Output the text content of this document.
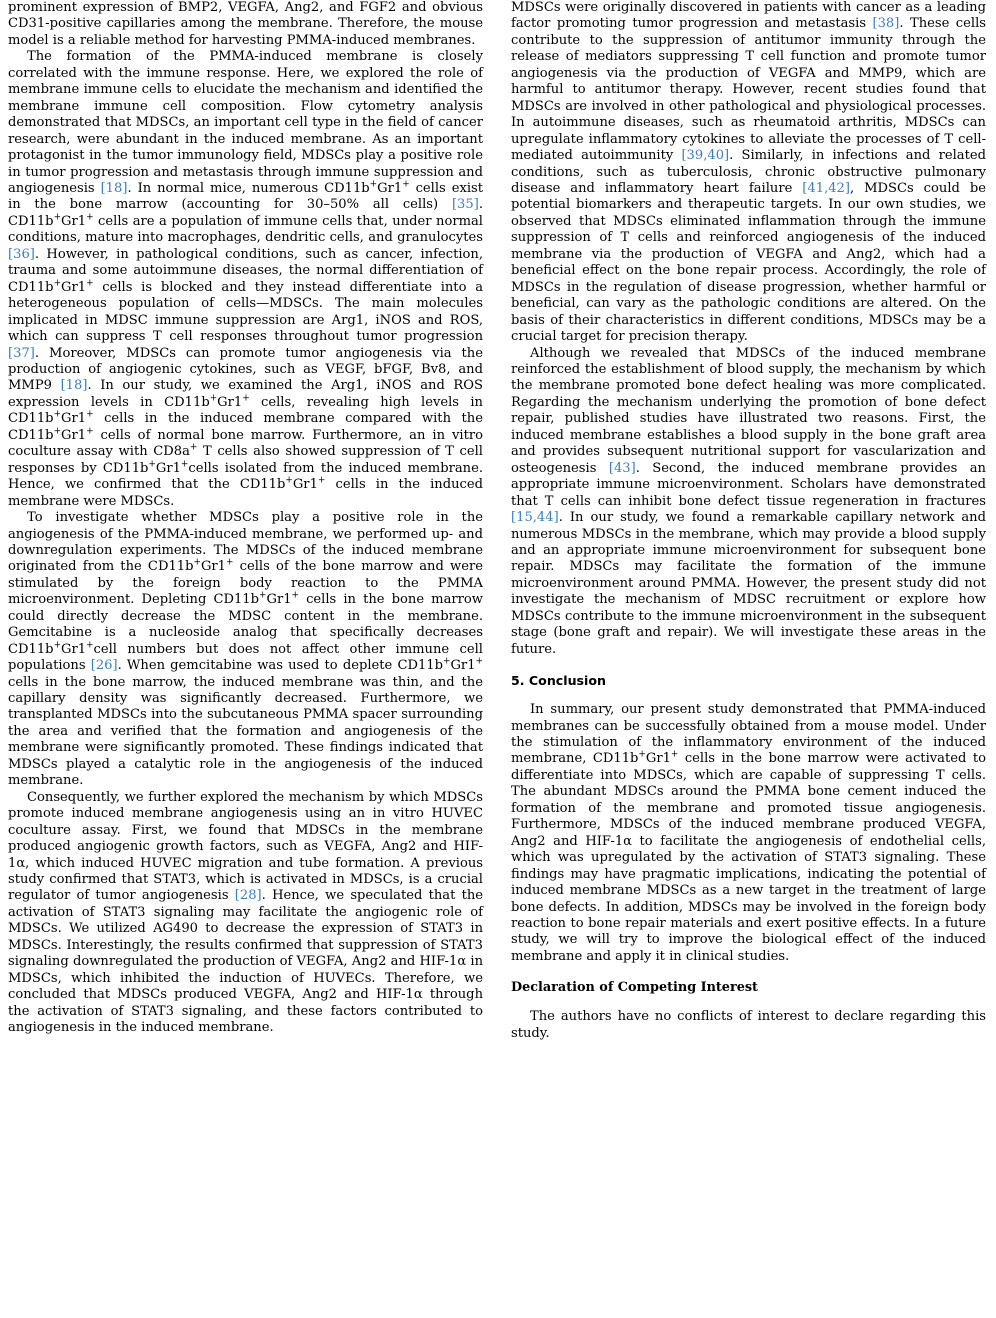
prominent expression of BMP2, VEGFA, Ang2, and FGF2 and obvious CD31-positive capillaries among the membrane. Therefore, the mouse model is a reliable method for harvesting PMMA-induced membranes.

The formation of the PMMA-induced membrane is closely correlated with the immune response. Here, we explored the role of membrane immune cells to elucidate the mechanism and identified the membrane immune cell composition. Flow cytometry analysis demonstrated that MDSCs, an important cell type in the field of cancer research, were abundant in the induced membrane. As an important protagonist in the tumor immunology field, MDSCs play a positive role in tumor progression and metastasis through immune suppression and angiogenesis [18]. In normal mice, numerous CD11b+Gr1+ cells exist in the bone marrow (accounting for 30–50% all cells) [35]. CD11b+Gr1+ cells are a population of immune cells that, under normal conditions, mature into macrophages, dendritic cells, and granulocytes [36]. However, in pathological conditions, such as cancer, infection, trauma and some autoimmune diseases, the normal differentiation of CD11b+Gr1+ cells is blocked and they instead differentiate into a heterogeneous population of cells—MDSCs. The main molecules implicated in MDSC immune suppression are Arg1, iNOS and ROS, which can suppress T cell responses throughout tumor progression [37]. Moreover, MDSCs can promote tumor angiogenesis via the production of angiogenic cytokines, such as VEGF, bFGF, Bv8, and MMP9 [18]. In our study, we examined the Arg1, iNOS and ROS expression levels in CD11b+Gr1+ cells, revealing high levels in CD11b+Gr1+ cells in the induced membrane compared with the CD11b+Gr1+ cells of normal bone marrow. Furthermore, an in vitro coculture assay with CD8a+ T cells also showed suppression of T cell responses by CD11b+Gr1+cells isolated from the induced membrane. Hence, we confirmed that the CD11b+Gr1+ cells in the induced membrane were MDSCs.

To investigate whether MDSCs play a positive role in the angiogenesis of the PMMA-induced membrane, we performed up- and downregulation experiments. The MDSCs of the induced membrane originated from the CD11b+Gr1+ cells of the bone marrow and were stimulated by the foreign body reaction to the PMMA microenvironment. Depleting CD11b+Gr1+ cells in the bone marrow could directly decrease the MDSC content in the membrane. Gemcitabine is a nucleoside analog that specifically decreases CD11b+Gr1+cell numbers but does not affect other immune cell populations [26]. When gemcitabine was used to deplete CD11b+Gr1+ cells in the bone marrow, the induced membrane was thin, and the capillary density was significantly decreased. Furthermore, we transplanted MDSCs into the subcutaneous PMMA spacer surrounding the area and verified that the formation and angiogenesis of the membrane were significantly promoted. These findings indicated that MDSCs played a catalytic role in the angiogenesis of the induced membrane.

Consequently, we further explored the mechanism by which MDSCs promote induced membrane angiogenesis using an in vitro HUVEC coculture assay. First, we found that MDSCs in the membrane produced angiogenic growth factors, such as VEGFA, Ang2 and HIF-1α, which induced HUVEC migration and tube formation. A previous study confirmed that STAT3, which is activated in MDSCs, is a crucial regulator of tumor angiogenesis [28]. Hence, we speculated that the activation of STAT3 signaling may facilitate the angiogenic role of MDSCs. We utilized AG490 to decrease the expression of STAT3 in MDSCs. Interestingly, the results confirmed that suppression of STAT3 signaling downregulated the production of VEGFA, Ang2 and HIF-1α in MDSCs, which inhibited the induction of HUVECs. Therefore, we concluded that MDSCs produced VEGFA, Ang2 and HIF-1α through the activation of STAT3 signaling, and these factors contributed to angiogenesis in the induced membrane.

MDSCs were originally discovered in patients with cancer as a leading factor promoting tumor progression and metastasis [38]. These cells contribute to the suppression of antitumor immunity through the release of mediators suppressing T cell function and promote tumor angiogenesis via the production of VEGFA and MMP9, which are harmful to antitumor therapy. However, recent studies found that MDSCs are involved in other pathological and physiological processes. In autoimmune diseases, such as rheumatoid arthritis, MDSCs can upregulate inflammatory cytokines to alleviate the processes of T cell-mediated autoimmunity [39,40]. Similarly, in infections and related conditions, such as tuberculosis, chronic obstructive pulmonary disease and inflammatory heart failure [41,42], MDSCs could be potential biomarkers and therapeutic targets. In our own studies, we observed that MDSCs eliminated inflammation through the immune suppression of T cells and reinforced angiogenesis of the induced membrane via the production of VEGFA and Ang2, which had a beneficial effect on the bone repair process. Accordingly, the role of MDSCs in the regulation of disease progression, whether harmful or beneficial, can vary as the pathologic conditions are altered. On the basis of their characteristics in different conditions, MDSCs may be a crucial target for precision therapy.

Although we revealed that MDSCs of the induced membrane reinforced the establishment of blood supply, the mechanism by which the membrane promoted bone defect healing was more complicated. Regarding the mechanism underlying the promotion of bone defect repair, published studies have illustrated two reasons. First, the induced membrane establishes a blood supply in the bone graft area and provides subsequent nutritional support for vascularization and osteogenesis [43]. Second, the induced membrane provides an appropriate immune microenvironment. Scholars have demonstrated that T cells can inhibit bone defect tissue regeneration in fractures [15,44]. In our study, we found a remarkable capillary network and numerous MDSCs in the membrane, which may provide a blood supply and an appropriate immune microenvironment for subsequent bone repair. MDSCs may facilitate the formation of the immune microenvironment around PMMA. However, the present study did not investigate the mechanism of MDSC recruitment or explore how MDSCs contribute to the immune microenvironment in the subsequent stage (bone graft and repair). We will investigate these areas in the future.

5. Conclusion

In summary, our present study demonstrated that PMMA-induced membranes can be successfully obtained from a mouse model. Under the stimulation of the inflammatory environment of the induced membrane, CD11b+Gr1+ cells in the bone marrow were activated to differentiate into MDSCs, which are capable of suppressing T cells. The abundant MDSCs around the PMMA bone cement induced the formation of the membrane and promoted tissue angiogenesis. Furthermore, MDSCs of the induced membrane produced VEGFA, Ang2 and HIF-1α to facilitate the angiogenesis of endothelial cells, which was upregulated by the activation of STAT3 signaling. These findings may have pragmatic implications, indicating the potential of induced membrane MDSCs as a new target in the treatment of large bone defects. In addition, MDSCs may be involved in the foreign body reaction to bone repair materials and exert positive effects. In a future study, we will try to improve the biological effect of the induced membrane and apply it in clinical studies.

Declaration of Competing Interest

The authors have no conflicts of interest to declare regarding this study.
